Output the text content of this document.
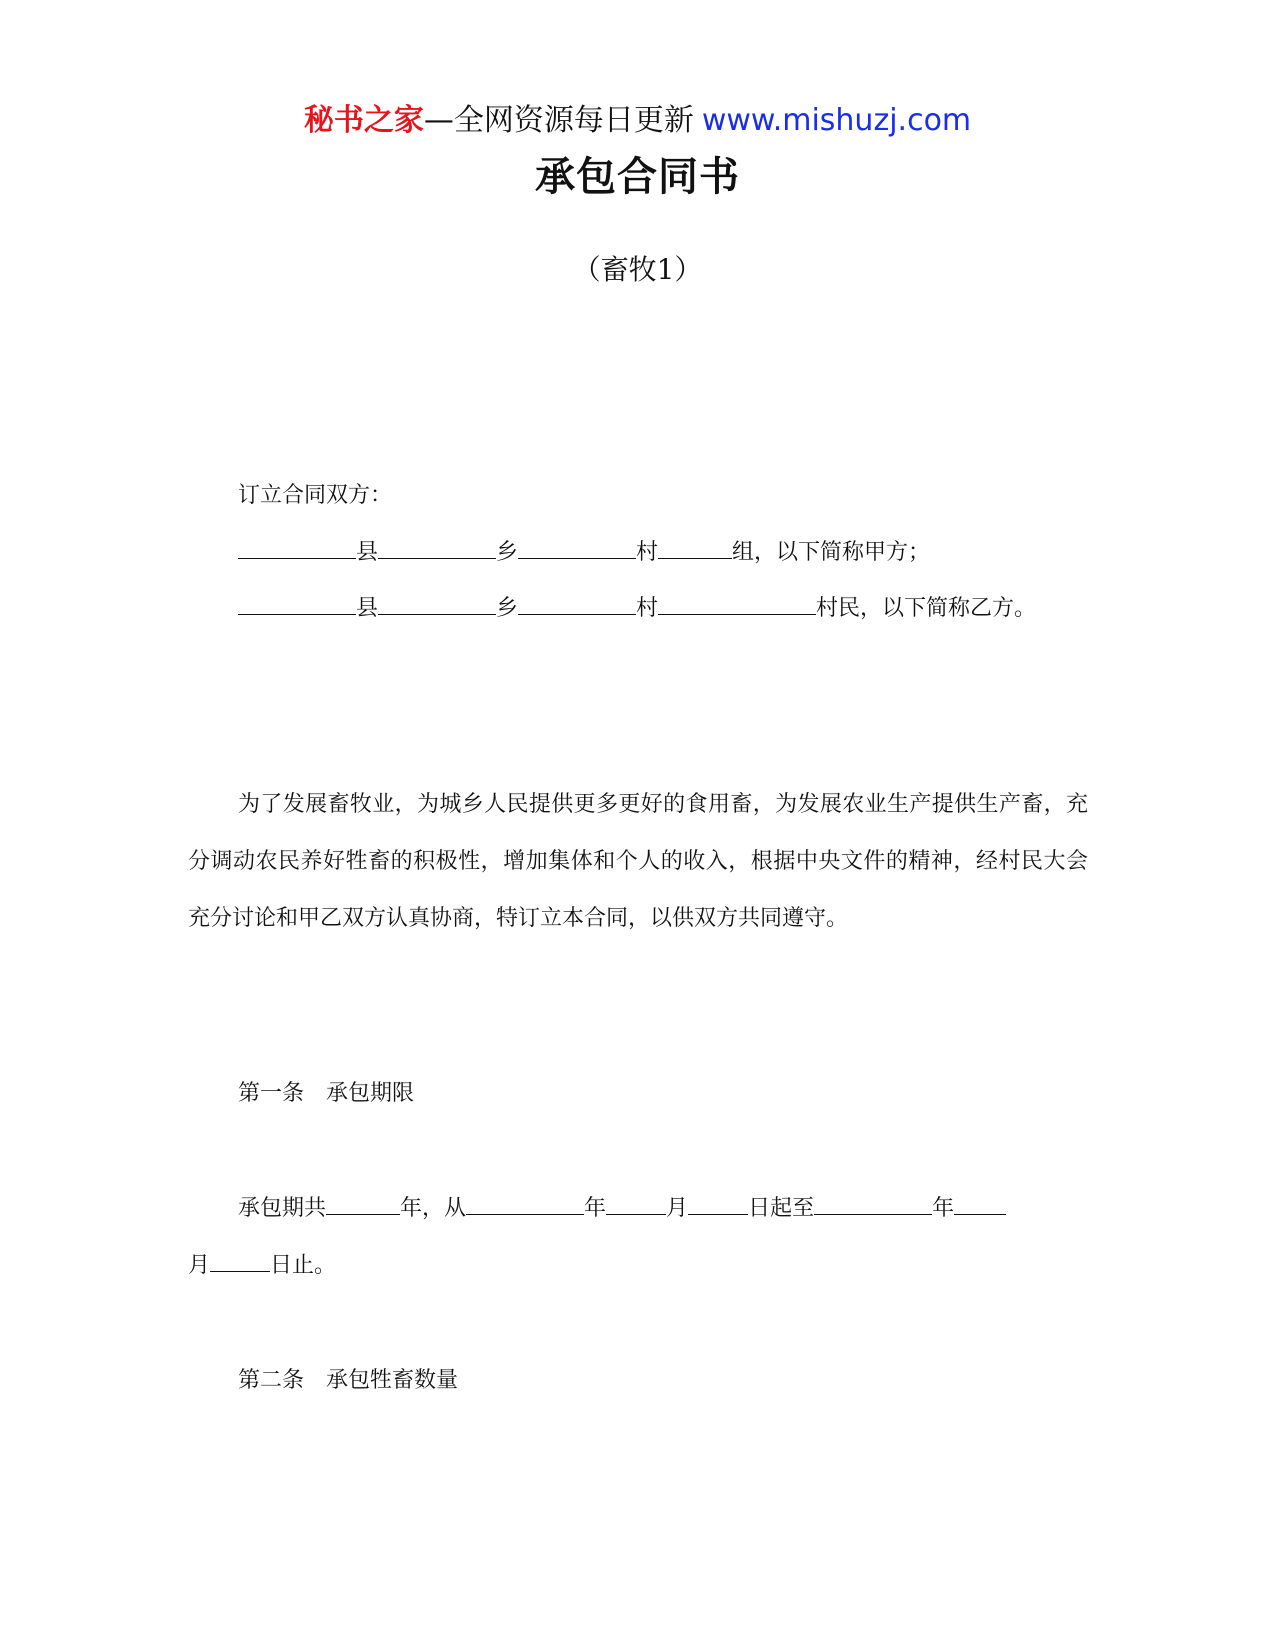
秘书之家—全网资源每日更新 www.mishuzj.com
承包合同书
（畜牧1）
订立合同双方：
县	乡	村	组，以下简称甲方；
县	乡	村	村民，以下简称乙方。
为了发展畜牧业，为城乡人民提供更多更好的食用畜，为发展农业生产提供生产畜，充分调动农民养好牲畜的积极性，增加集体和个人的收入，根据中央文件的精神，经村民大会充分讨论和甲乙双方认真协商，特订立本合同，以供双方共同遵守。
第一条　承包期限
承包期共	年，从	年	月	日起至	年
月	日止。
第二条　承包牲畜数量
